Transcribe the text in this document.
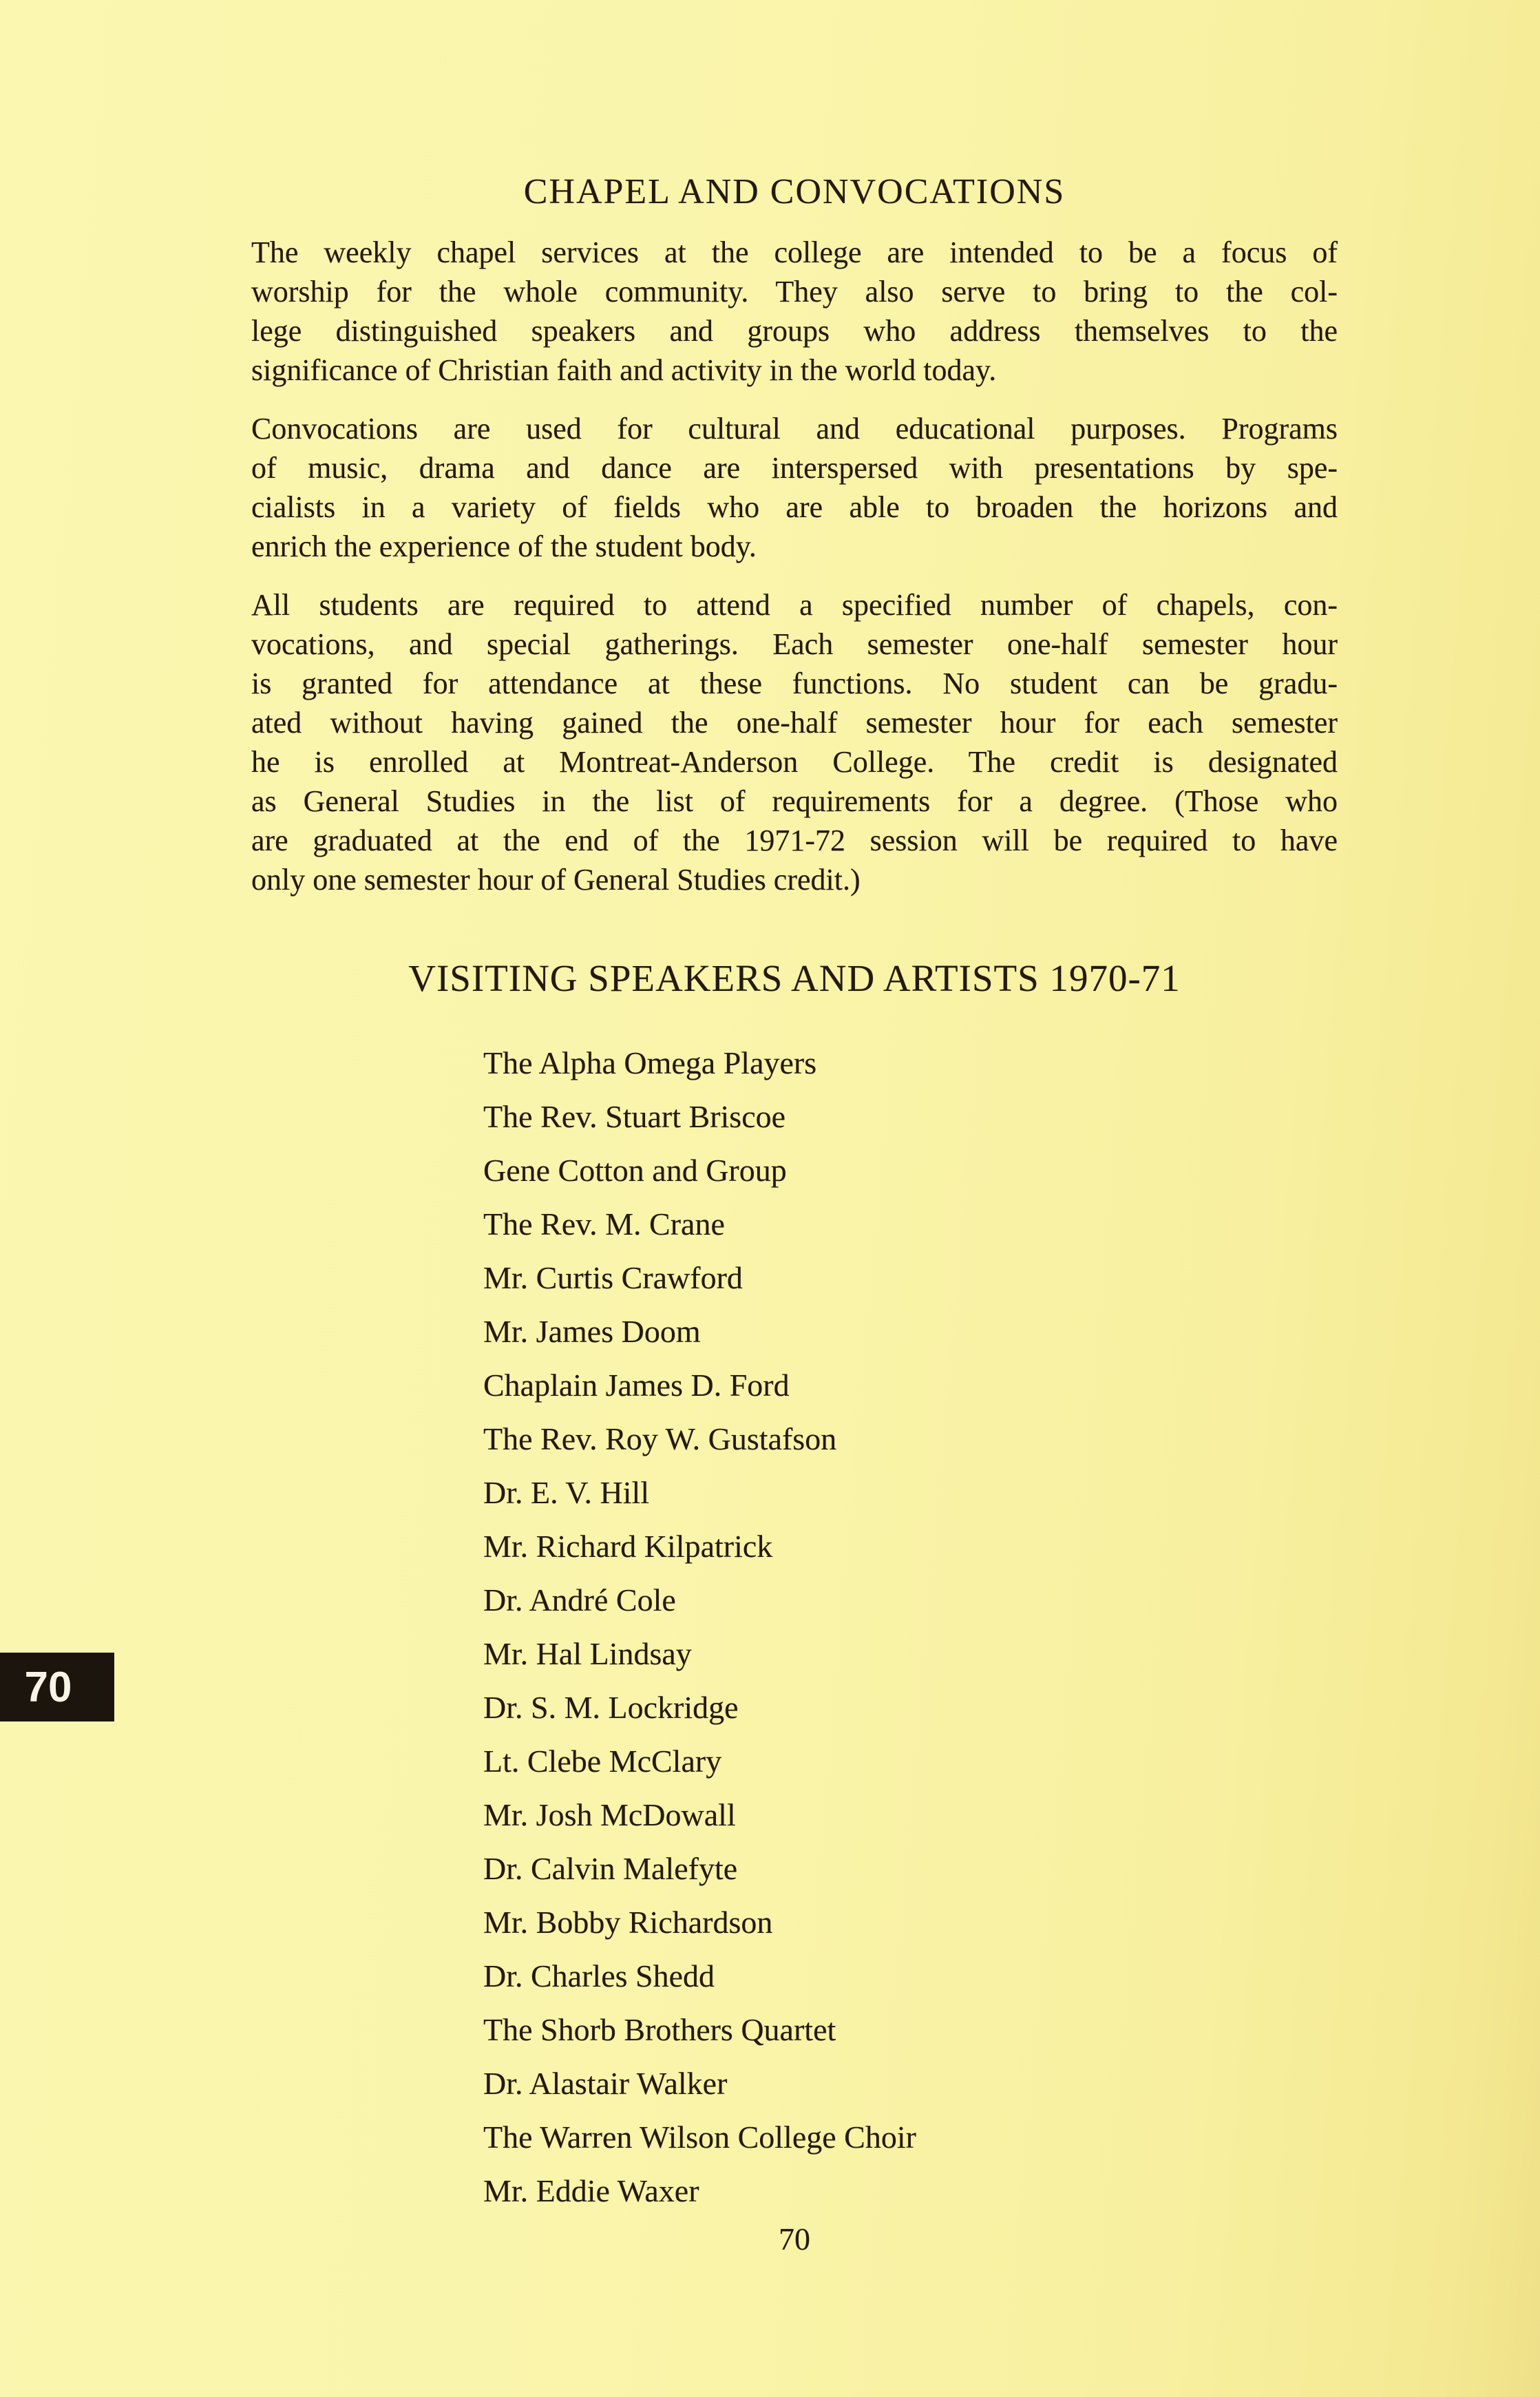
CHAPEL AND CONVOCATIONS
The weekly chapel services at the college are intended to be a focus of
worship for the whole community. They also serve to bring to the col-
lege distinguished speakers and groups who address themselves to the
significance of Christian faith and activity in the world today.
Convocations are used for cultural and educational purposes. Programs
of music, drama and dance are interspersed with presentations by spe-
cialists in a variety of fields who are able to broaden the horizons and
enrich the experience of the student body.
All students are required to attend a specified number of chapels, con-
vocations, and special gatherings. Each semester one-half semester hour
is granted for attendance at these functions. No student can be gradu-
ated without having gained the one-half semester hour for each semester
he is enrolled at Montreat-Anderson College. The credit is designated
as General Studies in the list of requirements for a degree. (Those who
are graduated at the end of the 1971-72 session will be required to have
only one semester hour of General Studies credit.)
VISITING SPEAKERS AND ARTISTS 1970-71
The Alpha Omega Players
The Rev. Stuart Briscoe
Gene Cotton and Group
The Rev. M. Crane
Mr. Curtis Crawford
Mr. James Doom
Chaplain James D. Ford
The Rev. Roy W. Gustafson
Dr. E. V. Hill
Mr. Richard Kilpatrick
Dr. André Cole
Mr. Hal Lindsay
Dr. S. M. Lockridge
Lt. Clebe McClary
Mr. Josh McDowall
Dr. Calvin Malefyte
Mr. Bobby Richardson
Dr. Charles Shedd
The Shorb Brothers Quartet
Dr. Alastair Walker
The Warren Wilson College Choir
Mr. Eddie Waxer
70
70
